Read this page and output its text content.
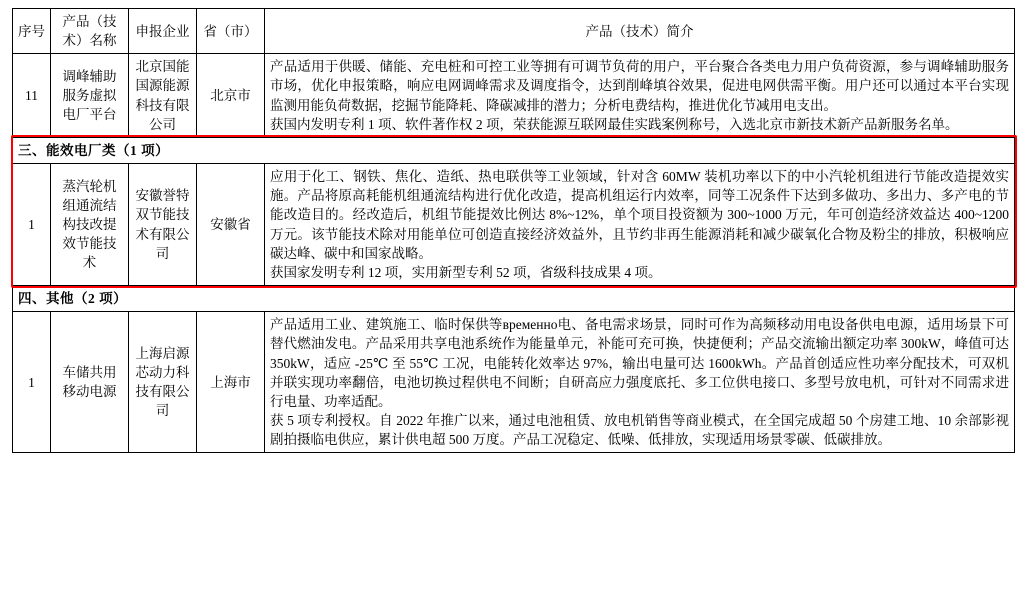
序号	产品（技术）名称	申报企业	省（市）	产品（技术）简介
11	调峰辅助服务虚拟电厂平台	北京国能国源能源科技有限公司	北京市	产品适用于供暖、储能、充电桩和可控工业等拥有可调节负荷的用户，平台聚合各类电力用户负荷资源，参与调峰辅助服务市场，优化申报策略，响应电网调峰需求及调度指令，达到削峰填谷效果，促进电网供需平衡。用户还可以通过本平台实现监测用能负荷数据，挖掘节能降耗、降碳减排的潜力；分析电费结构，推进优化节减用电支出。

获国内发明专利 1 项、软件著作权 2 项，荣获能源互联网最佳实践案例称号，入选北京市新技术新产品新服务名单。

三、能效电厂类（1 项）				
1	蒸汽轮机组通流结构技改提效节能技术	安徽誉特双节能技术有限公司	安徽省	应用于化工、钢铁、焦化、造纸、热电联供等工业领域，针对含 60MW 装机功率以下的中小汽轮机组进行节能改造提效实施。产品将原高耗能机组通流结构进行优化改造，提高机组运行内效率，同等工况条件下达到多做功、多出力、多产电的节能改造目的。经改造后，机组节能提效比例达 8%~12%，单个项目投资额为 300~1000 万元，年可创造经济效益达 400~1200 万元。该节能技术除对用能单位可创造直接经济效益外，且节约非再生能源消耗和减少碳氧化合物及粉尘的排放，积极响应碳达峰、碳中和国家战略。

获国家发明专利 12 项，实用新型专利 52 项，省级科技成果 4 项。

四、其他（2 项）				
1	车储共用移动电源	上海启源芯动力科技有限公司	上海市	产品适用工业、建筑施工、临时保供等временно电、备电需求场景，同时可作为高频移动用电设备供电电源，适用场景下可替代燃油发电。产品采用共享电池系统作为能量单元，补能可充可换，快捷便利；产品交流输出额定功率 300kW，峰值可达 350kW，适应 -25℃ 至 55℃ 工况，电能转化效率达 97%，输出电量可达 1600kWh。产品首创适应性功率分配技术，可双机并联实现功率翻倍，电池切换过程供电不间断；自研高应力强度底托、多工位供电接口、多型号放电机，可针对不同需求进行电量、功率适配。

获 5 项专利授权。自 2022 年推广以来，通过电池租赁、放电机销售等商业模式，在全国完成超 50 个房建工地、10 余部影视剧拍摄临电供应，累计供电超 500 万度。产品工况稳定、低噪、低排放，实现适用场景零碳、低碳排放。
